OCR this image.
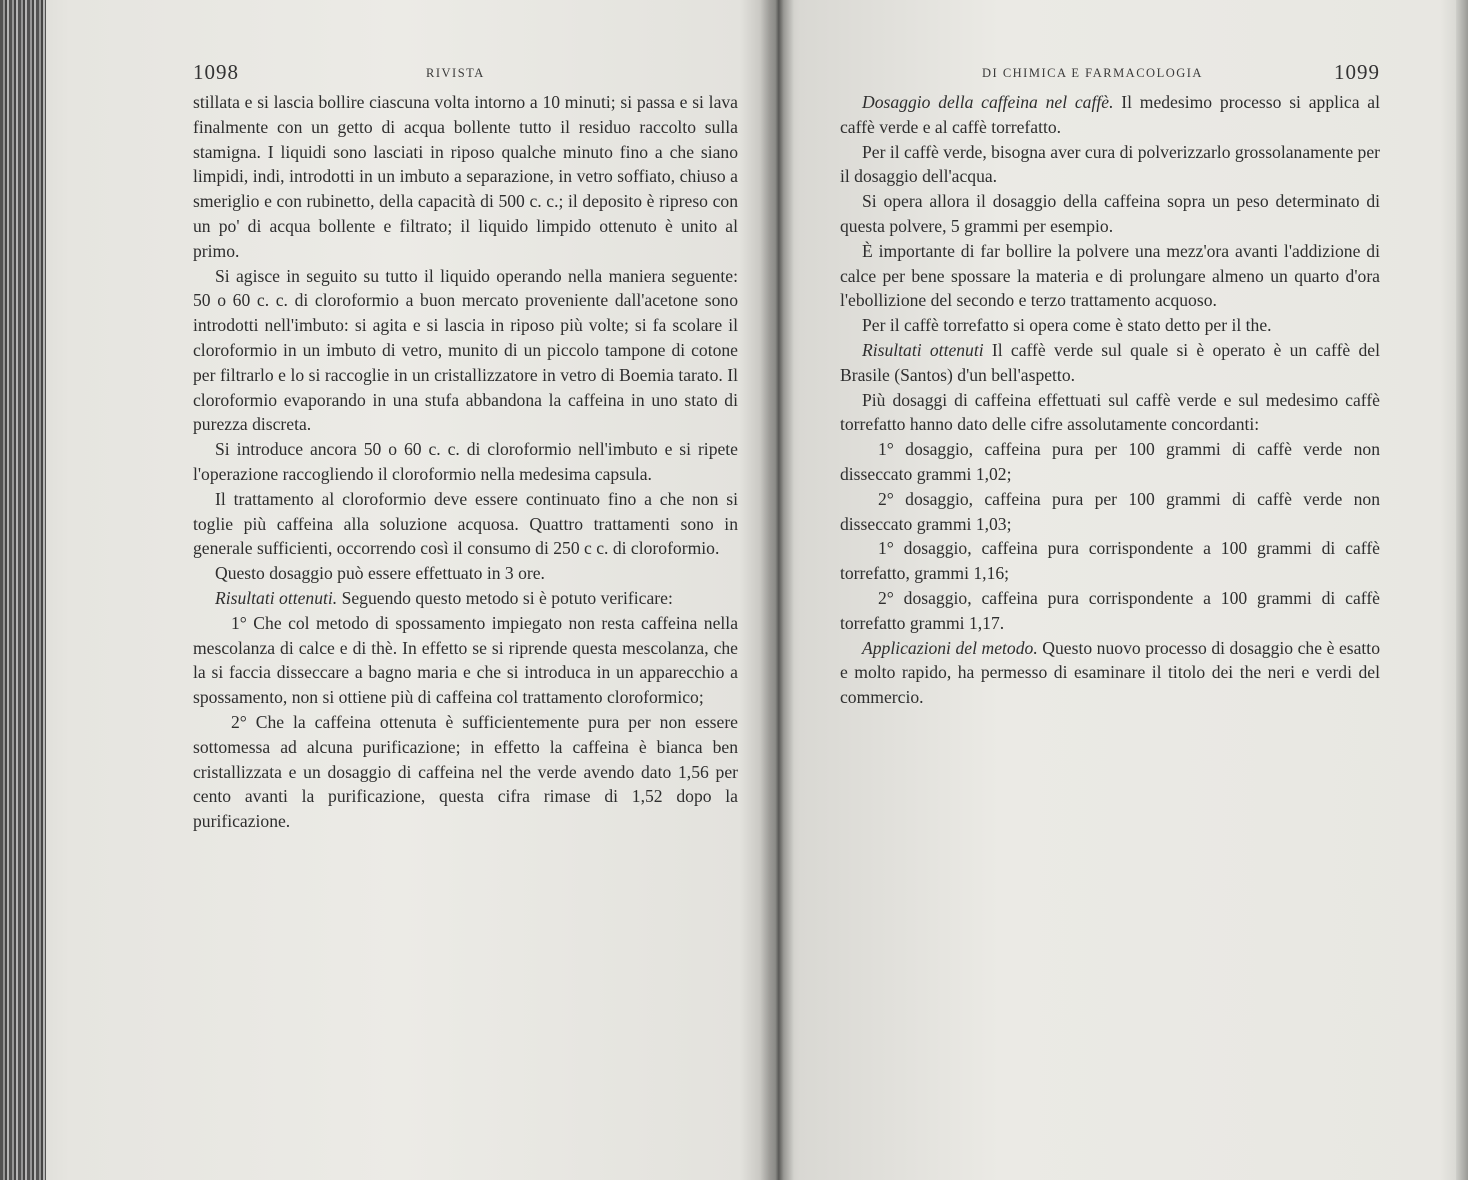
1098	RIVISTA

stillata e si lascia bollire ciascuna volta intorno a 10 minuti; si passa e si lava finalmente con un getto di acqua bollente tutto il residuo raccolto sulla stamigna. I liquidi sono lasciati in riposo qualche minuto fino a che siano limpidi, indi, introdotti in un imbuto a separazione, in vetro soffiato, chiuso a smeriglio e con rubinetto, della capacità di 500 c. c.; il deposito è ripreso con un po' di acqua bollente e filtrato; il liquido limpido ottenuto è unito al primo.

Si agisce in seguito su tutto il liquido operando nella maniera seguente: 50 o 60 c. c. di cloroformio a buon mercato proveniente dall'acetone sono introdotti nell'imbuto: si agita e si lascia in riposo più volte; si fa scolare il cloroformio in un imbuto di vetro, munito di un piccolo tampone di cotone per filtrarlo e lo si raccoglie in un cristallizzatore in vetro di Boemia tarato. Il cloroformio evaporando in una stufa abbandona la caffeina in uno stato di purezza discreta.

Si introduce ancora 50 o 60 c. c. di cloroformio nell'imbuto e si ripete l'operazione raccogliendo il cloroformio nella medesima capsula.

Il trattamento al cloroformio deve essere continuato fino a che non si toglie più caffeina alla soluzione acquosa. Quattro trattamenti sono in generale sufficienti, occorrendo così il consumo di 250 c c. di cloroformio.

Questo dosaggio può essere effettuato in 3 ore.

Risultati ottenuti. Seguendo questo metodo si è potuto verificare:

1° Che col metodo di spossamento impiegato non resta caffeina nella mescolanza di calce e di thè. In effetto se si riprende questa mescolanza, che la si faccia disseccare a bagno maria e che si introduca in un apparecchio a spossamento, non si ottiene più di caffeina col trattamento cloroformico;

2° Che la caffeina ottenuta è sufficientemente pura per non essere sottomessa ad alcuna purificazione; in effetto la caffeina è bianca ben cristallizzata e un dosaggio di caffeina nel the verde avendo dato 1,56 per cento avanti la purificazione, questa cifra rimase di 1,52 dopo la purificazione.

DI CHIMICA E FARMACOLOGIA	1099

Dosaggio della caffeina nel caffè. Il medesimo processo si applica al caffè verde e al caffè torrefatto.

Per il caffè verde, bisogna aver cura di polverizzarlo grossolanamente per il dosaggio dell'acqua.

Si opera allora il dosaggio della caffeina sopra un peso determinato di questa polvere, 5 grammi per esempio.

È importante di far bollire la polvere una mezz'ora avanti l'addizione di calce per bene spossare la materia e di prolungare almeno un quarto d'ora l'ebollizione del secondo e terzo trattamento acquoso.

Per il caffè torrefatto si opera come è stato detto per il the.

Risultati ottenuti Il caffè verde sul quale si è operato è un caffè del Brasile (Santos) d'un bell'aspetto.

Più dosaggi di caffeina effettuati sul caffè verde e sul medesimo caffè torrefatto hanno dato delle cifre assolutamente concordanti:

1° dosaggio, caffeina pura per 100 grammi di caffè verde non disseccato grammi 1,02;

2° dosaggio, caffeina pura per 100 grammi di caffè verde non disseccato grammi 1,03;

1° dosaggio, caffeina pura corrispondente a 100 grammi di caffè torrefatto, grammi 1,16;

2° dosaggio, caffeina pura corrispondente a 100 grammi di caffè torrefatto grammi 1,17.

Applicazioni del metodo. Questo nuovo processo di dosaggio che è esatto e molto rapido, ha permesso di esaminare il titolo dei the neri e verdi del commercio.
